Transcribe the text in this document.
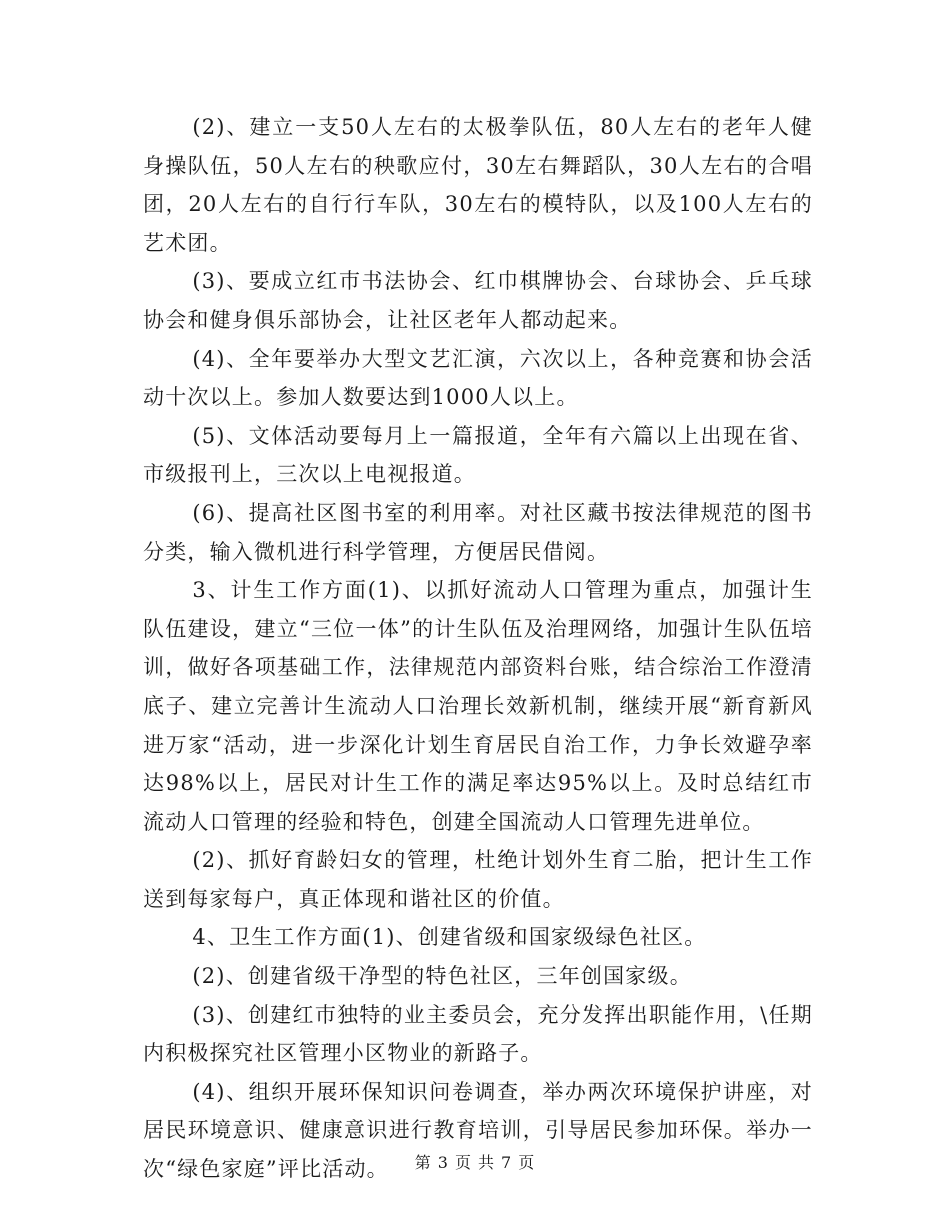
(2)、建立一支50人左右的太极拳队伍，80人左右的老年人健身操队伍，50人左右的秧歌应付，30左右舞蹈队，30人左右的合唱团，20人左右的自行行车队，30左右的模特队，以及100人左右的艺术团。

(3)、要成立红巿书法协会、红巾棋牌协会、台球协会、乒乓球协会和健身俱乐部协会，让社区老年人都动起来。

(4)、全年要举办大型文艺汇演，六次以上，各种竞赛和协会活动十次以上。参加人数要达到1000人以上。

(5)、文体活动要每月上一篇报道，全年有六篇以上出现在省、市级报刊上，三次以上电视报道。

(6)、提高社区图书室的利用率。对社区藏书按法律规范的图书分类，输入微机进行科学管理，方便居民借阅。

3、计生工作方面(1)、以抓好流动人口管理为重点，加强计生队伍建设，建立“三位一体”的计生队伍及治理网络，加强计生队伍培训，做好各项基础工作，法律规范内部资料台账，结合综治工作澄清底子、建立完善计生流动人口治理长效新机制，继续开展“新育新风进万家“活动，进一步深化计划生育居民自治工作，力争长效避孕率达98%以上，居民对计生工作的满足率达95%以上。及时总结红巿流动人口管理的经验和特色，创建全国流动人口管理先进单位。

(2)、抓好育龄妇女的管理，杜绝计划外生育二胎，把计生工作送到每家每户，真正体现和谐社区的价值。

4、卫生工作方面(1)、创建省级和国家级绿色社区。

(2)、创建省级干净型的特色社区，三年创国家级。

(3)、创建红巿独特的业主委员会，充分发挥出职能作用，\任期内积极探究社区管理小区物业的新路子。

(4)、组织开展环保知识问卷调查，举办两次环境保护讲座，对居民环境意识、健康意识进行教育培训，引导居民参加环保。举办一次“绿色家庭”评比活动。	第 3 页 共 7 页
